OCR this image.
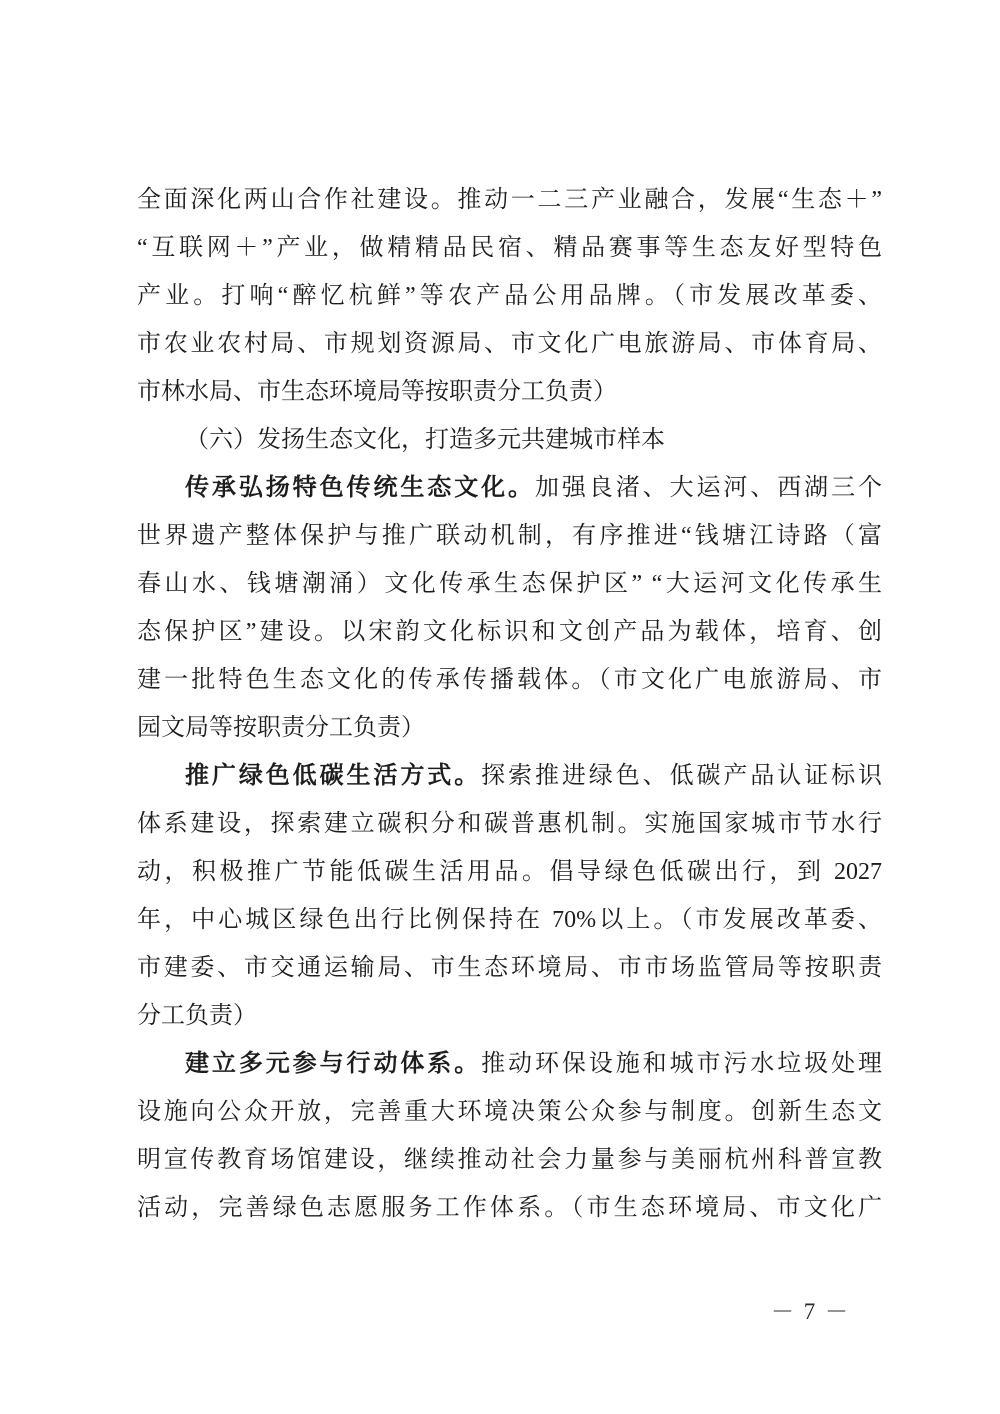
全面深化两山合作社建设。推动一二三产业融合，发展“生态＋”
“互联网＋”产业，做精精品民宿、精品赛事等生态友好型特色
产业。打响“醉忆杭鲜”等农产品公用品牌。（市发展改革委、
市农业农村局、市规划资源局、市文化广电旅游局、市体育局、
市林水局、市生态环境局等按职责分工负责）
（六）发扬生态文化，打造多元共建城市样本
传承弘扬特色传统生态文化。加强良渚、大运河、西湖三个
世界遗产整体保护与推广联动机制，有序推进“钱塘江诗路（富
春山水、钱塘潮涌）文化传承生态保护区” “大运河文化传承生
态保护区”建设。以宋韵文化标识和文创产品为载体，培育、创
建一批特色生态文化的传承传播载体。（市文化广电旅游局、市
园文局等按职责分工负责）
推广绿色低碳生活方式。探索推进绿色、低碳产品认证标识
体系建设，探索建立碳积分和碳普惠机制。实施国家城市节水行
动，积极推广节能低碳生活用品。倡导绿色低碳出行，到 2027
年，中心城区绿色出行比例保持在 70%以上。（市发展改革委、
市建委、市交通运输局、市生态环境局、市市场监管局等按职责
分工负责）
建立多元参与行动体系。推动环保设施和城市污水垃圾处理
设施向公众开放，完善重大环境决策公众参与制度。创新生态文
明宣传教育场馆建设，继续推动社会力量参与美丽杭州科普宣教
活动，完善绿色志愿服务工作体系。（市生态环境局、市文化广
－ 7 －
